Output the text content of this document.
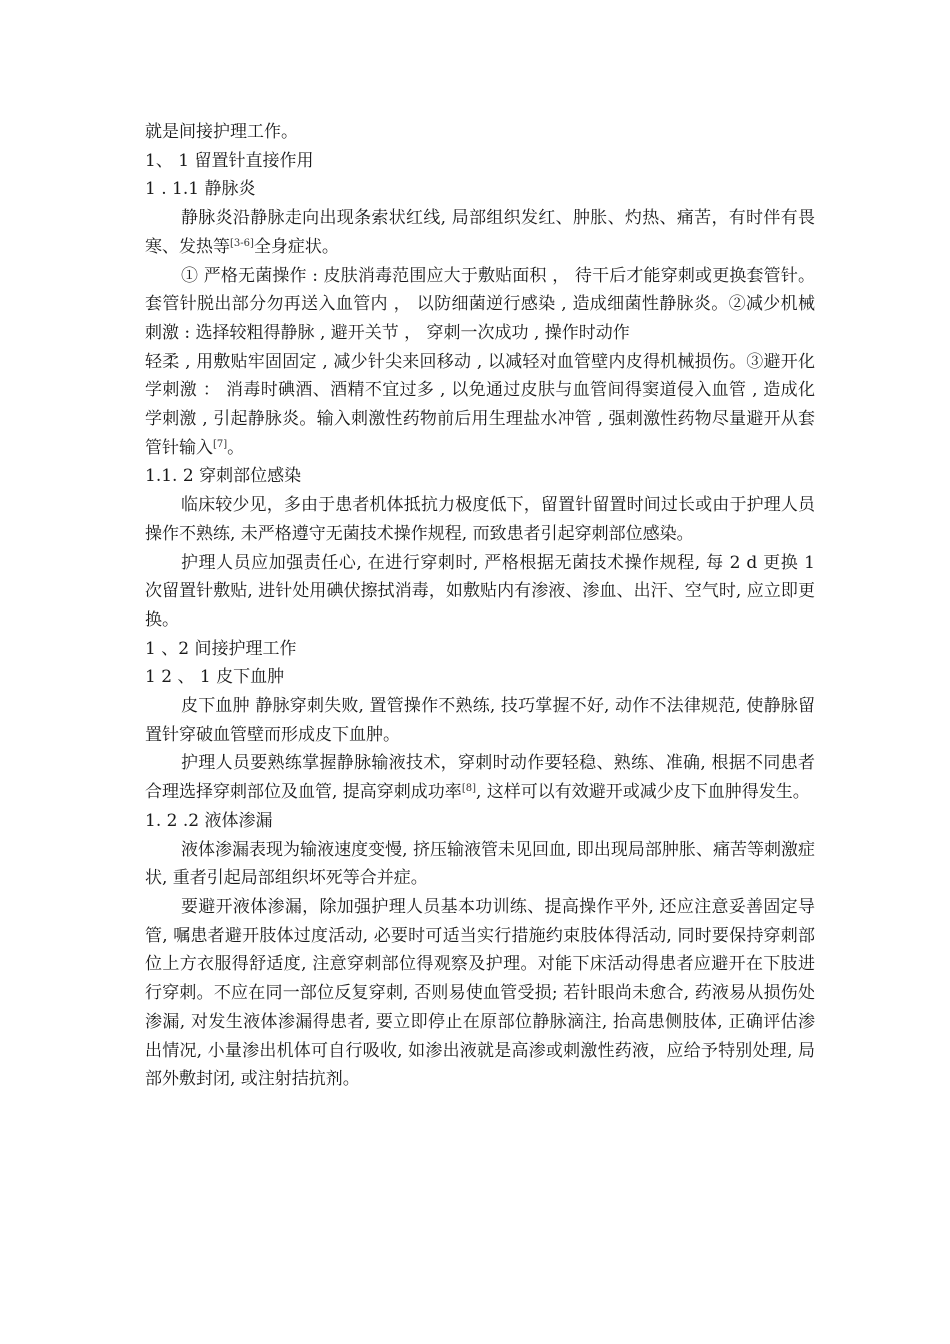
就是间接护理工作。

1、 1 留置针直接作用

1 . 1.1 静脉炎

静脉炎沿静脉走向出现条索状红线, 局部组织发红、肿胀、灼热、痛苦，有时伴有畏寒、发热等[3-6]全身症状。

① 严格无菌操作 : 皮肤消毒范围应大于敷贴面积 ， 待干后才能穿刺或更换套管针。套管针脱出部分勿再送入血管内 ， 以防细菌逆行感染 , 造成细菌性静脉炎。②减少机械刺激 : 选择较粗得静脉 , 避开关节 ， 穿刺一次成功 , 操作时动作

轻柔 , 用敷贴牢固固定 , 减少针尖来回移动 , 以减轻对血管壁内皮得机械损伤。③避开化学刺激 ： 消毒时碘酒、酒精不宜过多 , 以免通过皮肤与血管间得窦道侵入血管 , 造成化学刺激 , 引起静脉炎。输入刺激性药物前后用生理盐水冲管 , 强刺激性药物尽量避开从套管针输入[7]。

1.1. 2 穿刺部位感染

临床较少见，多由于患者机体抵抗力极度低下，留置针留置时间过长或由于护理人员操作不熟练, 未严格遵守无菌技术操作规程, 而致患者引起穿刺部位感染。

护理人员应加强责任心, 在进行穿刺时, 严格根据无菌技术操作规程, 每 2 d 更换 1 次留置针敷贴, 进针处用碘伏擦拭消毒，如敷贴内有渗液、渗血、出汗、空气时, 应立即更换。

1 、2 间接护理工作

1 2 、 1 皮下血肿

皮下血肿 静脉穿刺失败, 置管操作不熟练, 技巧掌握不好, 动作不法律规范, 使静脉留置针穿破血管壁而形成皮下血肿。

护理人员要熟练掌握静脉输液技术，穿刺时动作要轻稳、熟练、准确, 根据不同患者合理选择穿刺部位及血管, 提高穿刺成功率[8], 这样可以有效避开或减少皮下血肿得发生。

1. 2 .2 液体渗漏

液体渗漏表现为输液速度变慢, 挤压输液管未见回血, 即出现局部肿胀、痛苦等刺激症状, 重者引起局部组织坏死等合并症。

要避开液体渗漏，除加强护理人员基本功训练、提高操作平外, 还应注意妥善固定导管, 嘱患者避开肢体过度活动, 必要时可适当实行措施约束肢体得活动, 同时要保持穿刺部位上方衣服得舒适度, 注意穿刺部位得观察及护理。对能下床活动得患者应避开在下肢进行穿刺。不应在同一部位反复穿刺, 否则易使血管受损; 若针眼尚未愈合, 药液易从损伤处渗漏, 对发生液体渗漏得患者, 要立即停止在原部位静脉滴注, 抬高患侧肢体, 正确评估渗出情况, 小量渗出机体可自行吸收, 如渗出液就是高渗或刺激性药液，应给予特别处理, 局部外敷封闭, 或注射拮抗剂。
